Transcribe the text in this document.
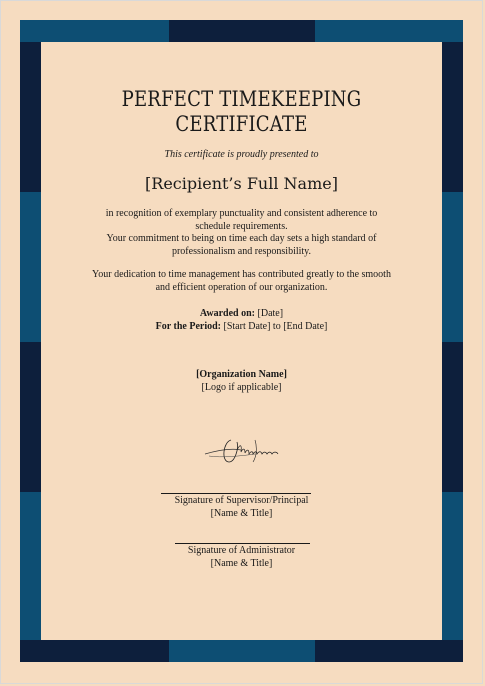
PERFECT TIMEKEEPING
CERTIFICATE
This certificate is proudly presented to
[Recipient’s Full Name]
in recognition of exemplary punctuality and consistent adherence to
schedule requirements.
Your commitment to being on time each day sets a high standard of
professionalism and responsibility.
Your dedication to time management has contributed greatly to the smooth
and efficient operation of our organization.
Awarded on: [Date]
For the Period: [Start Date] to [End Date]
[Organization Name]
[Logo if applicable]
Signature of Supervisor/Principal
[Name & Title]
Signature of Administrator
[Name & Title]
